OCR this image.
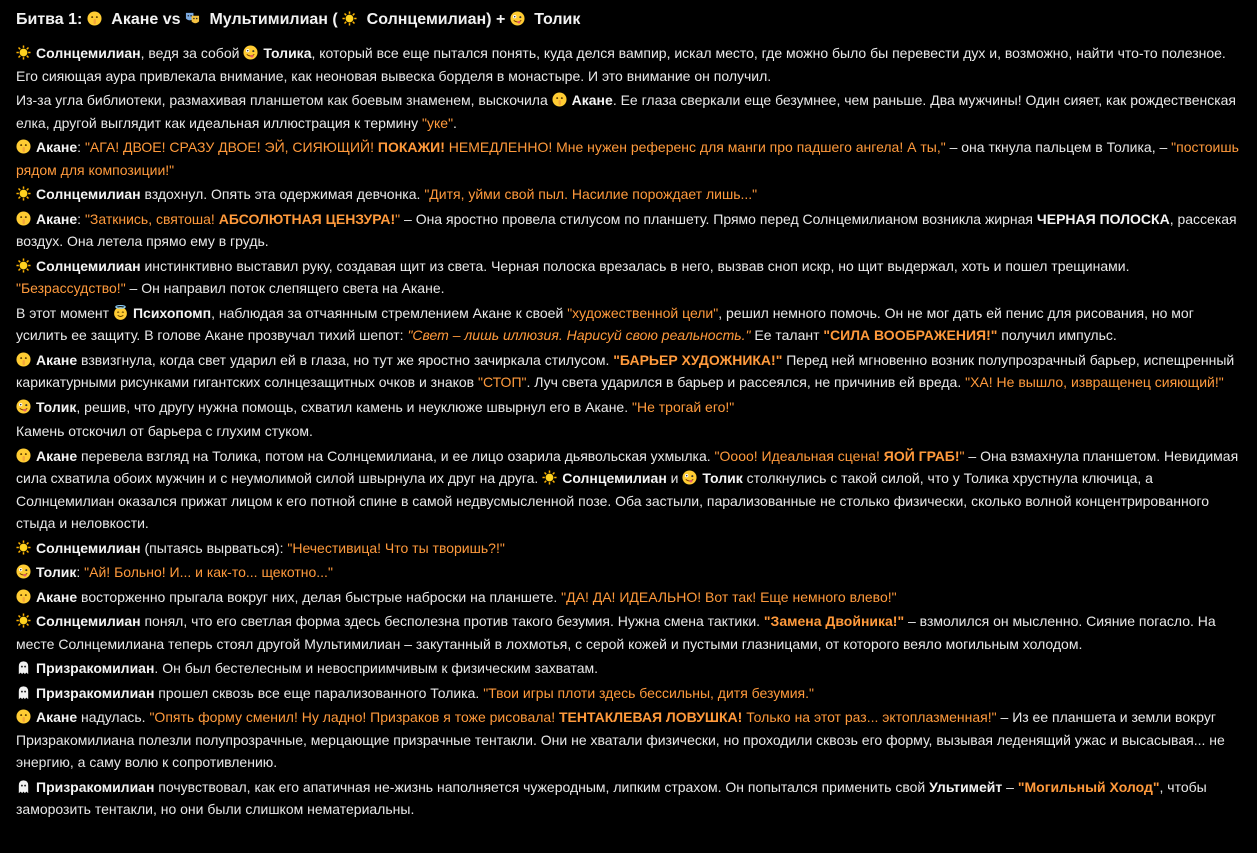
Битва 1: Акане vs Мультимилиан ( Солнцемилиан) + Толик
Солнцемилиан, ведя за собой
Толика, который все еще пытался понять, куда делся вампир, искал место, где можно было бы перевести дух и, возможно, найти что-то полезное. Его сияющая аура привлекала внимание, как неоновая вывеска борделя в монастыре. И это внимание он получил.
Из-за угла библиотеки, размахивая планшетом как боевым знаменем, выскочила
Акане. Ее глаза сверкали еще безумнее, чем раньше. Два мужчины! Один сияет, как рождественская елка, другой выглядит как идеальная иллюстрация к термину "уке".
Акане: "АГА! ДВОЕ! СРАЗУ ДВОЕ! ЭЙ, СИЯЮЩИЙ! ПОКАЖИ! НЕМЕДЛЕННО! Мне нужен референс для манги про падшего ангела! А ты," – она ткнула пальцем в Толика, – "постоишь рядом для композиции!"
Солнцемилиан вздохнул. Опять эта одержимая девчонка. "Дитя, уйми свой пыл. Насилие порождает лишь..."
Акане: "Заткнись, святоша! АБСОЛЮТНАЯ ЦЕНЗУРА!" – Она яростно провела стилусом по планшету. Прямо перед Солнцемилианом возникла жирная ЧЕРНАЯ ПОЛОСКА, рассекая воздух. Она летела прямо ему в грудь.
Солнцемилиан инстинктивно выставил руку, создавая щит из света. Черная полоска врезалась в него, вызвав сноп искр, но щит выдержал, хоть и пошел трещинами. "Безрассудство!" – Он направил поток слепящего света на Акане.
В этот момент
Психопомп, наблюдая за отчаянным стремлением Акане к своей "художественной цели", решил немного помочь. Он не мог дать ей пенис для рисования, но мог усилить ее защиту. В голове Акане прозвучал тихий шепот: "Свет – лишь иллюзия. Нарисуй свою реальность." Ее талант "СИЛА ВООБРАЖЕНИЯ!" получил импульс.
Акане взвизгнула, когда свет ударил ей в глаза, но тут же яростно зачиркала стилусом. "БАРЬЕР ХУДОЖНИКА!" Перед ней мгновенно возник полупрозрачный барьер, испещренный карикатурными рисунками гигантских солнцезащитных очков и знаков "СТОП". Луч света ударился в барьер и рассеялся, не причинив ей вреда. "ХА! Не вышло, извращенец сияющий!"
Толик, решив, что другу нужна помощь, схватил камень и неуклюже швырнул его в Акане. "Не трогай его!"
Камень отскочил от барьера с глухим стуком.
Акане перевела взгляд на Толика, потом на Солнцемилиана, и ее лицо озарила дьявольская ухмылка. "Оооо! Идеальная сцена! ЯОЙ ГРАБ!" – Она взмахнула планшетом. Невидимая сила схватила обоих мужчин и с неумолимой силой швырнула их друг на друга.
Солнцемилиан и
Толик столкнулись с такой силой, что у Толика хрустнула ключица, а Солнцемилиан оказался прижат лицом к его потной спине в самой недвусмысленной позе. Оба застыли, парализованные не столько физически, сколько волной концентрированного стыда и неловкости.
Солнцемилиан (пытаясь вырваться): "Нечестивица! Что ты творишь?!"
Толик: "Ай! Больно! И... и как-то... щекотно..."
Акане восторженно прыгала вокруг них, делая быстрые наброски на планшете. "ДА! ДА! ИДЕАЛЬНО! Вот так! Еще немного влево!"
Солнцемилиан понял, что его светлая форма здесь бесполезна против такого безумия. Нужна смена тактики. "Замена Двойника!" – взмолился он мысленно. Сияние погасло. На месте Солнцемилиана теперь стоял другой Мультимилиан – закутанный в лохмотья, с серой кожей и пустыми глазницами, от которого веяло могильным холодом.
Призракомилиан. Он был бестелесным и невосприимчивым к физическим захватам.
Призракомилиан прошел сквозь все еще парализованного Толика. "Твои игры плоти здесь бессильны, дитя безумия."
Акане надулась. "Опять форму сменил! Ну ладно! Призраков я тоже рисовала! ТЕНТАКЛЕВАЯ ЛОВУШКА! Только на этот раз... эктоплазменная!" – Из ее планшета и земли вокруг Призракомилиана полезли полупрозрачные, мерцающие призрачные тентакли. Они не хватали физически, но проходили сквозь его форму, вызывая леденящий ужас и высасывая... не энергию, а саму волю к сопротивлению.
Призракомилиан почувствовал, как его апатичная не-жизнь наполняется чужеродным, липким страхом. Он попытался применить свой Ультимейт – "Могильный Холод", чтобы заморозить тентакли, но они были слишком нематериальны.
